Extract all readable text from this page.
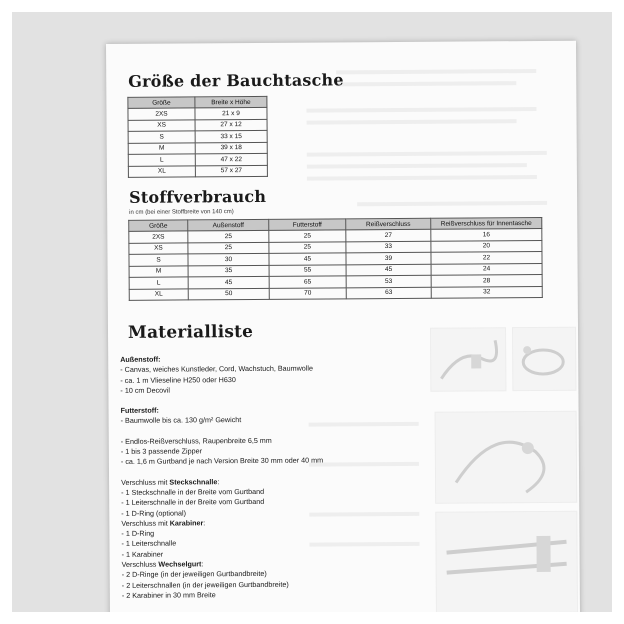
Größe der Bauchtasche
Größe	Breite x Höhe
2XS	21 x 9
XS	27 x 12
S	33 x 15
M	39 x 18
L	47 x 22
XL	57 x 27
Stoffverbrauch
in cm (bei einer Stoffbreite von 140 cm)
Größe	Außenstoff	Futterstoff	Reißverschluss	Reißverschluss für Innentasche
2XS	25	25	27	16
XS	25	25	33	20
S	30	45	39	22
M	35	55	45	24
L	45	65	53	28
XL	50	70	63	32
Materialliste
Außenstoff:
- Canvas, weiches Kunstleder, Cord, Wachstuch, Baumwolle
- ca. 1 m Vlieseline H250 oder H630
- 10 cm Decovil
Futterstoff:
- Baumwolle bis ca. 130 g/m² Gewicht
- Endlos-Reißverschluss, Raupenbreite 6,5 mm
- 1 bis 3 passende Zipper
- ca. 1,6 m Gurtband je nach Version Breite 30 mm oder 40 mm
Verschluss mit Steckschnalle:
- 1 Steckschnalle in der Breite vom Gurtband
- 1 Leiterschnalle in der Breite vom Gurtband
- 1 D-Ring (optional)
Verschluss mit Karabiner:
- 1 D-Ring
- 1 Leiterschnalle
- 1 Karabiner
Verschluss Wechselgurt:
- 2 D-Ringe (in der jeweiligen Gurtbandbreite)
- 2 Leiterschnallen (in der jeweiligen Gurtbandbreite)
- 2 Karabiner in 30 mm Breite
